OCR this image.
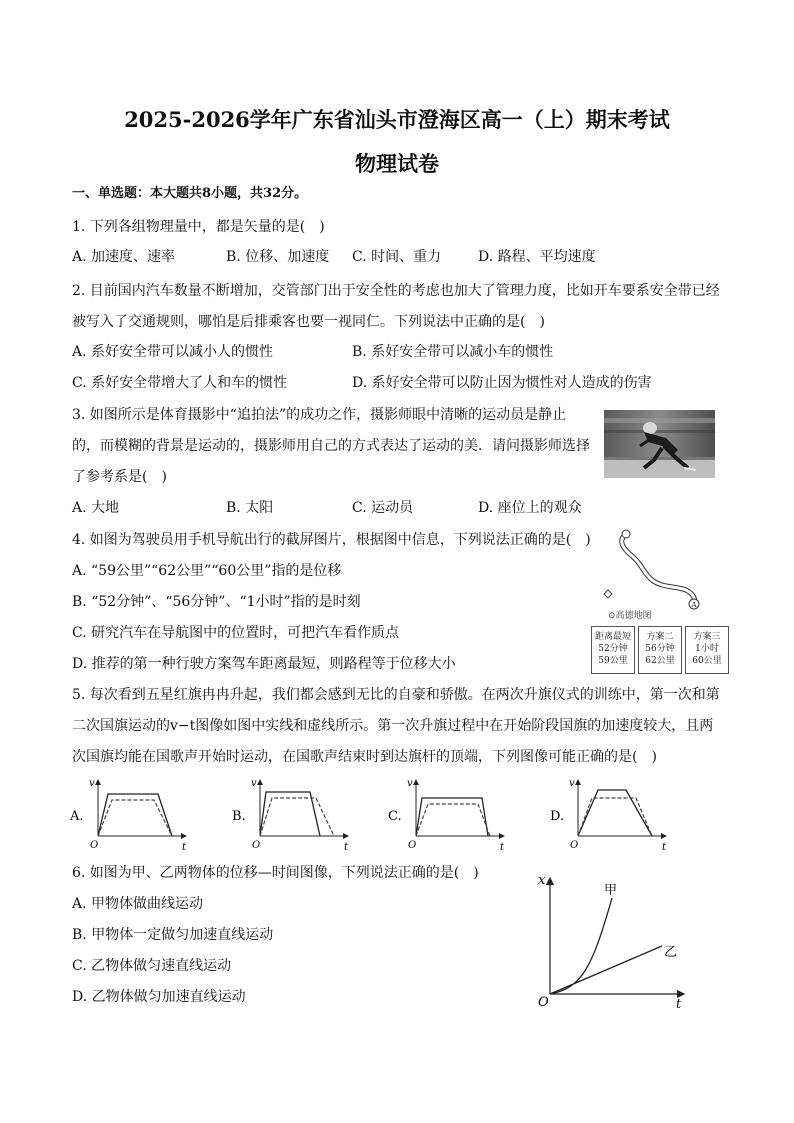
2025-2026学年广东省汕头市澄海区高一（上）期末考试
物理试卷
一、单选题：本大题共8小题，共32分。
1. 下列各组物理量中，都是矢量的是(　)
A. 加速度、速率	B. 位移、加速度 C. 时间、重力	D. 路程、平均速度
2. 目前国内汽车数量不断增加，交管部门出于安全性的考虑也加大了管理力度，比如开车要系安全带已经
被写入了交通规则，哪怕是后排乘客也要一视同仁。下列说法中正确的是(　)
A. 系好安全带可以减小人的惯性	B. 系好安全带可以减小车的惯性
C. 系好安全带增大了人和车的惯性	D. 系好安全带可以防止因为惯性对人造成的伤害
3. 如图所示是体育摄影中“追拍法”的成功之作，摄影师眼中清晰的运动员是静止
的，而模糊的背景是运动的，摄影师用自己的方式表达了运动的美．请问摄影师选择
了参考系是(　)
A. 大地	B. 太阳	C. 运动员	D. 座位上的观众
4. 如图为驾驶员用手机导航出行的截屏图片，根据图中信息，下列说法正确的是(　)
A. “59公里”“62公里”“60公里”指的是位移
B. “52分钟”、“56分钟”、“1小时”指的是时刻
C. 研究汽车在导航图中的位置时，可把汽车看作质点
D. 推荐的第一种行驶方案驾车距离最短，则路程等于位移大小
A
⊙高德地图
距离最短
52分钟
59公里
方案二
56分钟
62公里
方案三
1小时
60公里
5. 每次看到五星红旗冉冉升起，我们都会感到无比的自豪和骄傲。在两次升旗仪式的训练中，第一次和第
二次国旗运动的v−t图像如图中实线和虚线所示。第一次升旗过程中在开始阶段国旗的加速度较大，且两
次国旗均能在国歌声开始时运动，在国歌声结束时到达旗杆的顶端，下列图像可能正确的是(　)
A.
v
t
O
B.
v
t
O
C.
v
t
O
D.
v
t
O
6. 如图为甲、乙两物体的位移—时间图像，下列说法正确的是(　)
A. 甲物体做曲线运动
B. 甲物体一定做匀加速直线运动
C. 乙物体做匀速直线运动
D. 乙物体做匀加速直线运动
x
t
O
甲
乙
